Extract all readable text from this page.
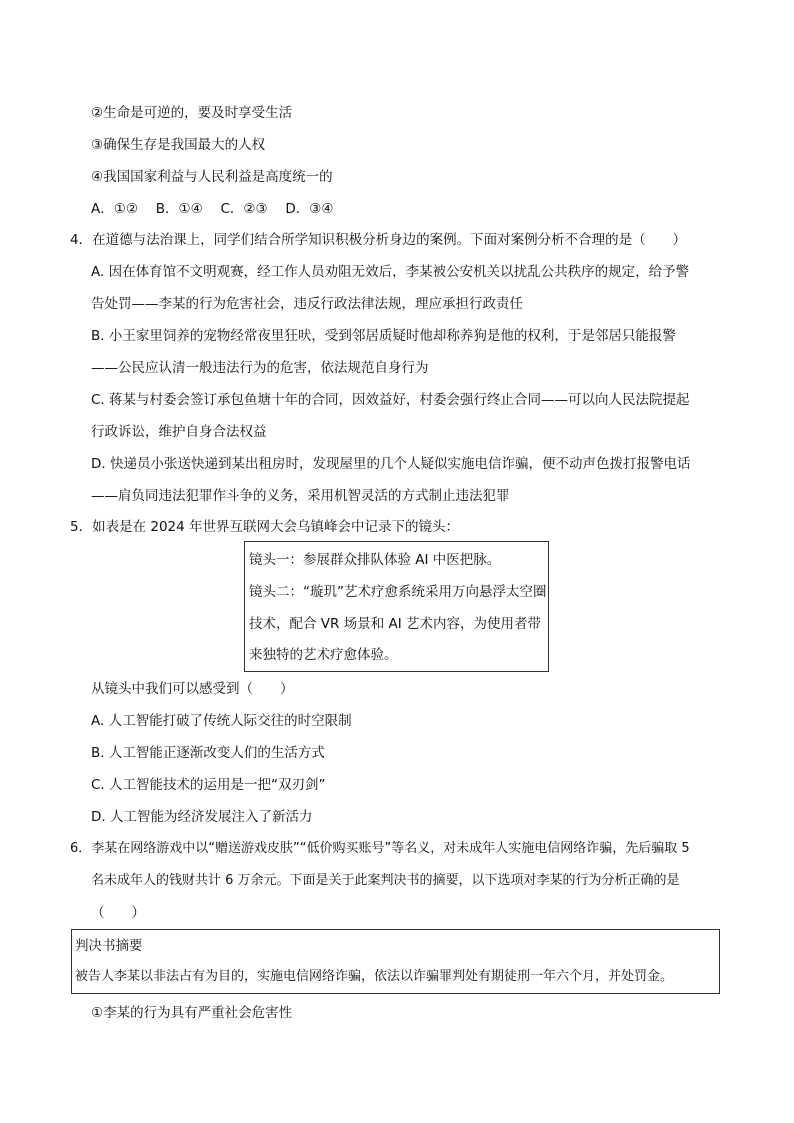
②生命是可逆的，要及时享受生活
③确保生存是我国最大的人权
④我国国家利益与人民利益是高度统一的
A．①②　 B．①④　 C．②③　 D．③④
4．在道德与法治课上，同学们结合所学知识积极分析身边的案例。下面对案例分析不合理的是（　　）
A. 因在体育馆不文明观赛，经工作人员劝阻无效后，李某被公安机关以扰乱公共秩序的规定，给予警
告处罚——李某的行为危害社会，违反行政法律法规，理应承担行政责任
B. 小王家里饲养的宠物经常夜里狂吠，受到邻居质疑时他却称养狗是他的权利，于是邻居只能报警
——公民应认清一般违法行为的危害，依法规范自身行为
C. 蒋某与村委会签订承包鱼塘十年的合同，因效益好，村委会强行终止合同——可以向人民法院提起
行政诉讼，维护自身合法权益
D. 快递员小张送快递到某出租房时，发现屋里的几个人疑似实施电信诈骗，便不动声色拨打报警电话
——肩负同违法犯罪作斗争的义务，采用机智灵活的方式制止违法犯罪
5．如表是在 2024 年世界互联网大会乌镇峰会中记录下的镜头：
镜头一：参展群众排队体验 AI 中医把脉。
镜头二：“璇玑”艺术疗愈系统采用万向悬浮太空圈
技术，配合 VR 场景和 AI 艺术内容，为使用者带
来独特的艺术疗愈体验。
从镜头中我们可以感受到（　　）
A. 人工智能打破了传统人际交往的时空限制
B. 人工智能正逐渐改变人们的生活方式
C. 人工智能技术的运用是一把“双刃剑”
D. 人工智能为经济发展注入了新活力
6．李某在网络游戏中以“赠送游戏皮肤”“低价购买账号”等名义，对未成年人实施电信网络诈骗，先后骗取 5
名未成年人的钱财共计 6 万余元。下面是关于此案判决书的摘要，以下选项对李某的行为分析正确的是
（　　）
判决书摘要
被告人李某以非法占有为目的，实施电信网络诈骗，依法以诈骗罪判处有期徒刑一年六个月，并处罚金。
①李某的行为具有严重社会危害性
